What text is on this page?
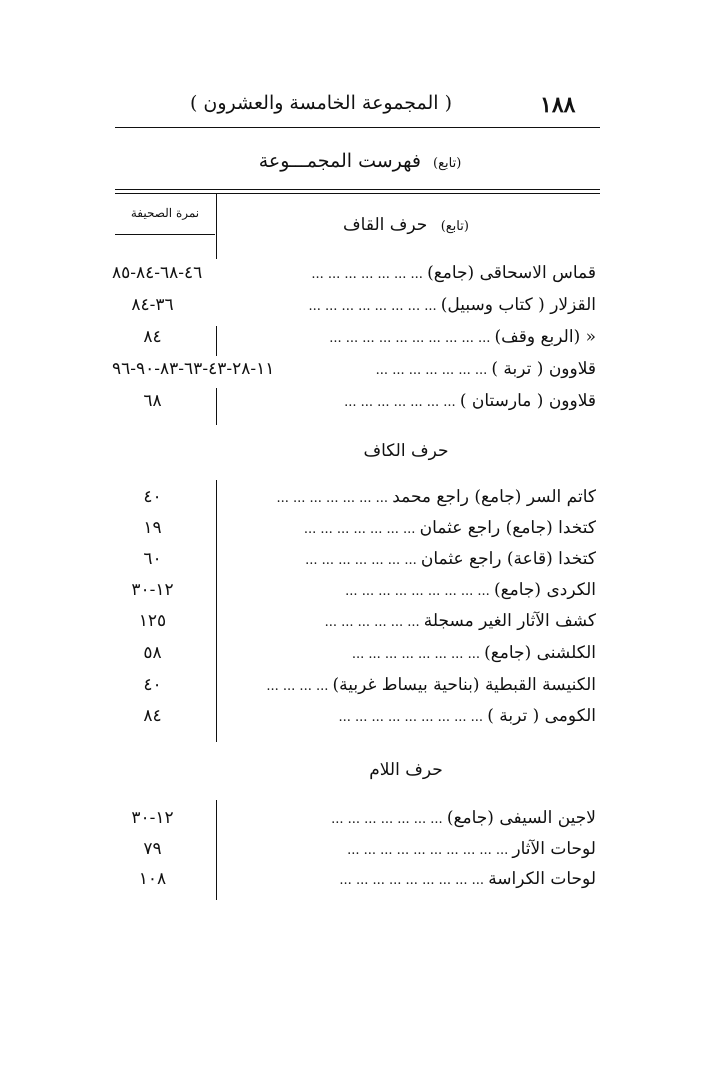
١٨٨
( المجموعة الخامسة والعشرون )
(تابع) فهرست المجمـــوعة
نمرة الصحيفة
(تابع) حرف القاف
قماس الاسحاقى (جامع) ... ... ... ... ... ... ...
٤٦-٦٨-٨٤-٨٥
القزلار ( كتاب وسبيل) ... ... ... ... ... ... ... ...
٣٦-٨٤
« (الربع وقف) ... ... ... ... ... ... ... ... ... ...
٨٤
قلاوون ( تربة ) ... ... ... ... ... ... ...
١١-٢٨-٤٣-٦٣-٨٣-٩٠-٩٦
قلاوون ( مارستان ) ... ... ... ... ... ... ...
٦٨
حرف الكاف
كاتم السر (جامع) راجع محمد ... ... ... ... ... ... ...
٤٠
كتخدا (جامع) راجع عثمان ... ... ... ... ... ... ...
١٩
كتخدا (قاعة) راجع عثمان ... ... ... ... ... ... ...
٦٠
الكردى (جامع) ... ... ... ... ... ... ... ... ...
١٢-٣٠
كشف الآثار الغير مسجلة ... ... ... ... ... ...
١٢٥
الكلشنى (جامع) ... ... ... ... ... ... ... ...
٥٨
الكنيسة القبطية (بناحية بيساط غربية) ... ... ... ...
٤٠
الكومى ( تربة ) ... ... ... ... ... ... ... ... ...
٨٤
حرف اللام
لاجين السيفى (جامع) ... ... ... ... ... ... ...
١٢-٣٠
لوحات الآثار ... ... ... ... ... ... ... ... ... ...
٧٩
لوحات الكراسة ... ... ... ... ... ... ... ... ...
١٠٨
